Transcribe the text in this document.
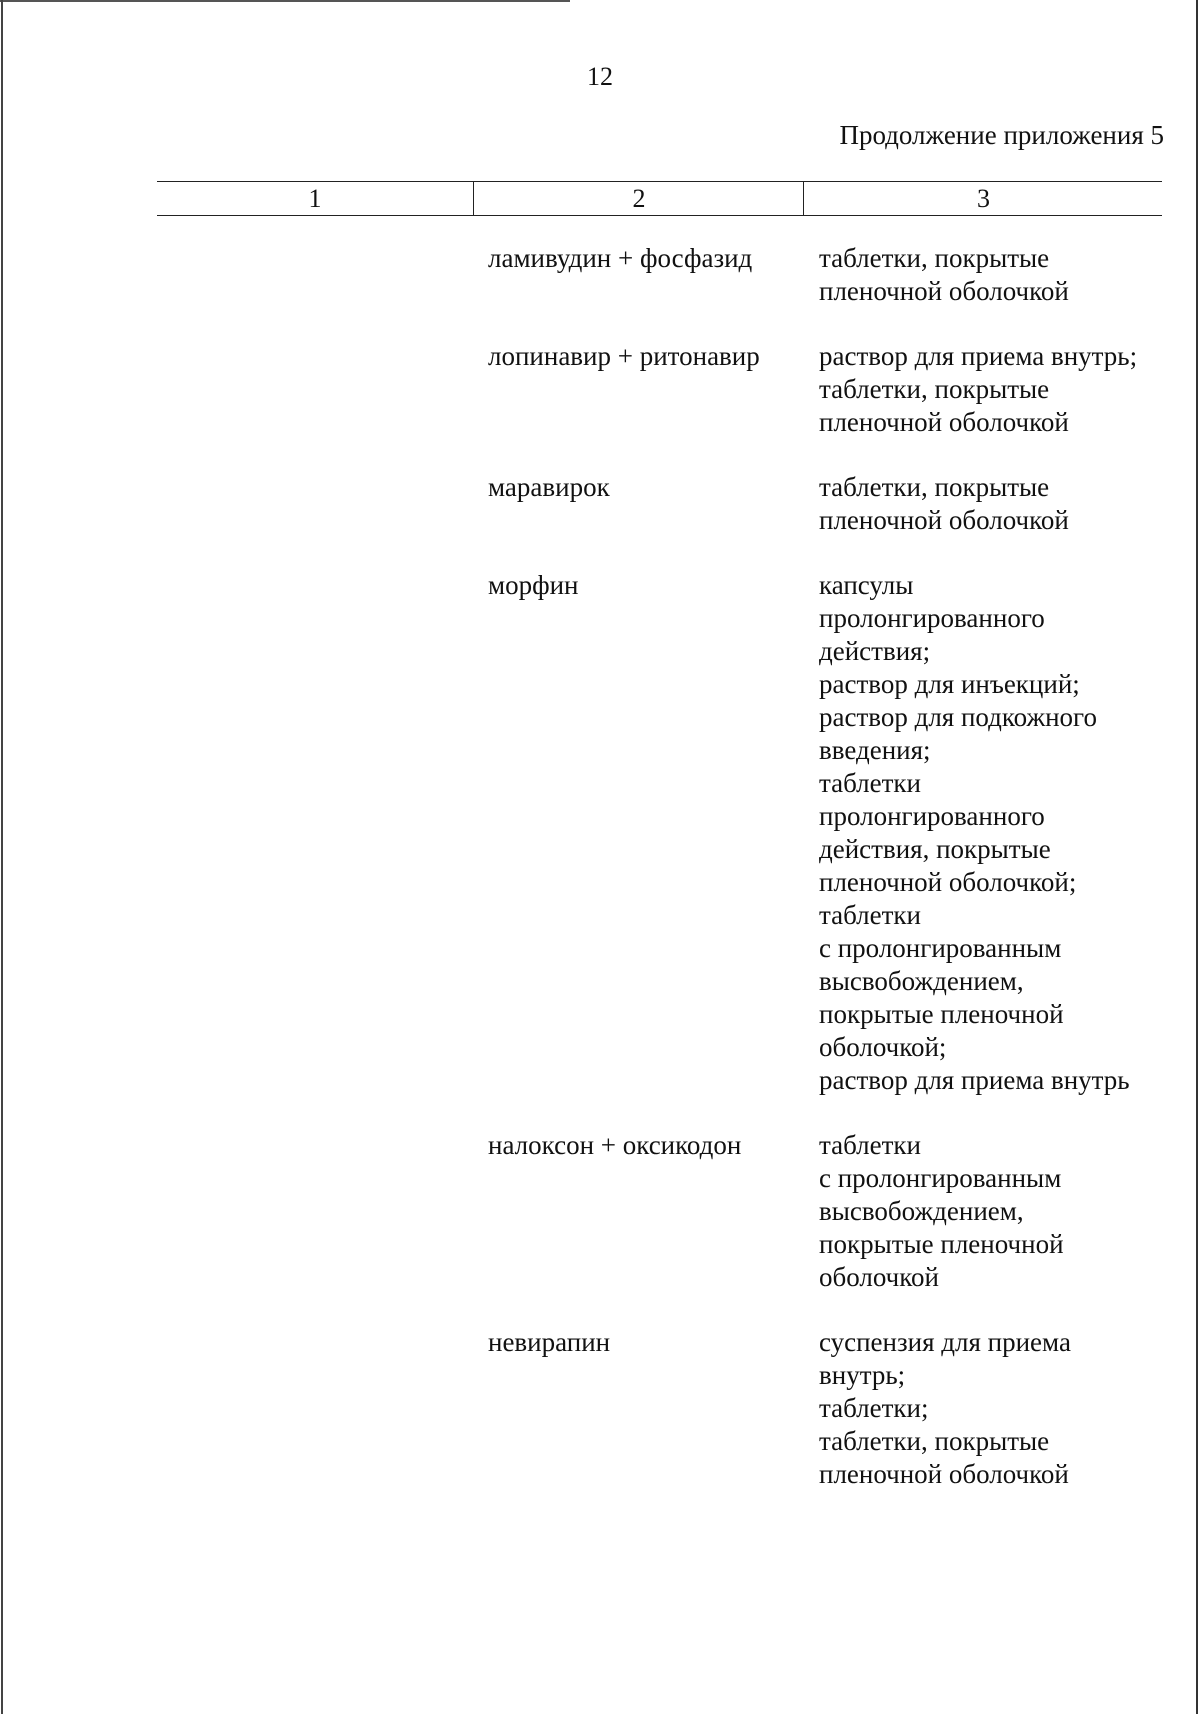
12
Продолжение приложения 5
1	2	3
ламивудин + фосфазид	таблетки, покрытые
пленочной оболочкой
лопинавир + ритонавир	раствор для приема внутрь;
таблетки, покрытые
пленочной оболочкой
маравирок	таблетки, покрытые
пленочной оболочкой
морфин	капсулы
пролонгированного
действия;
раствор для инъекций;
раствор для подкожного
введения;
таблетки
пролонгированного
действия, покрытые
пленочной оболочкой;
таблетки
с пролонгированным
высвобождением,
покрытые пленочной
оболочкой;
раствор для приема внутрь
налоксон + оксикодон	таблетки
с пролонгированным
высвобождением,
покрытые пленочной
оболочкой
невирапин	суспензия для приема
внутрь;
таблетки;
таблетки, покрытые
пленочной оболочкой
